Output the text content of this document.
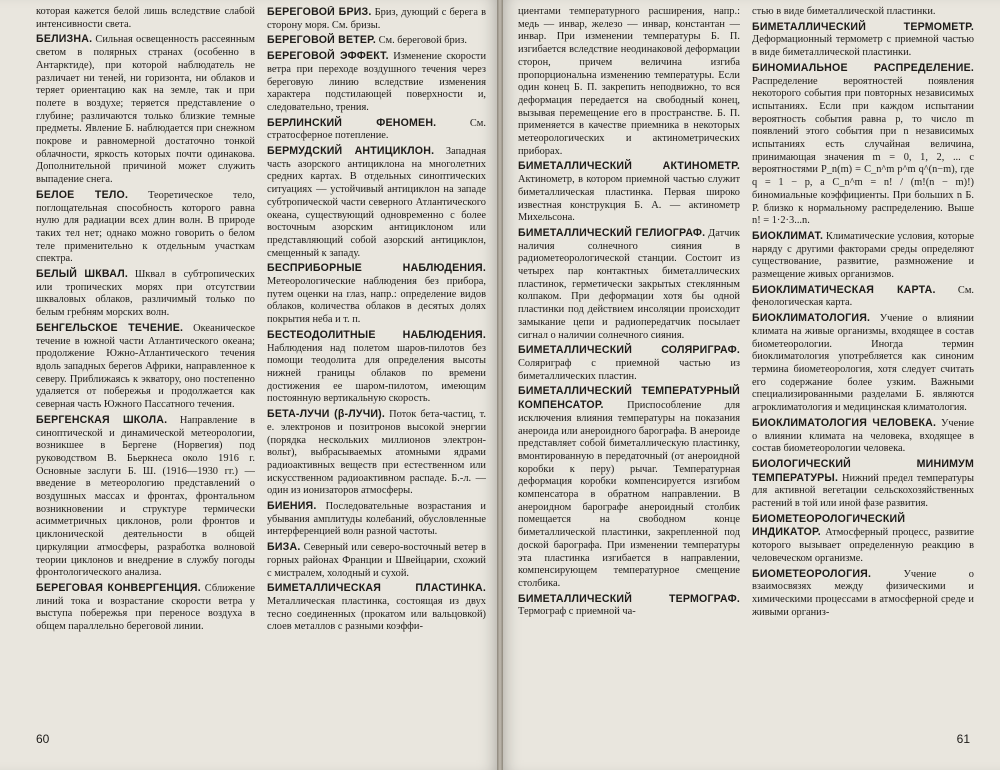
которая кажется белой лишь вследствие слабой интенсивности света.

БЕЛИЗНА. Сильная освещенность рассеянным светом в полярных странах (особенно в Антарктиде), при которой наблюдатель не различает ни теней, ни горизонта, ни облаков и теряет ориентацию как на земле, так и при полете в воздухе; теряется представление о глубине; различаются только близкие темные предметы. Явление Б. наблюдается при снежном покрове и равномерной достаточно тонкой облачности, яркость которых почти одинакова. Дополнительной причиной может служить выпадение снега.

БЕЛОЕ ТЕЛО. Теоретическое тело, поглощательная способность которого равна нулю для радиации всех длин волн. В природе таких тел нет; однако можно говорить о белом теле применительно к отдельным участкам спектра.

БЕЛЫЙ ШКВАЛ. Шквал в субтропических или тропических морях при отсутствии шкваловых облаков, различимый только по белым гребням морских волн.

БЕНГЕЛЬСКОЕ ТЕЧЕНИЕ. Океаническое течение в южной части Атлантического океана; продолжение Южно-Атлантического течения вдоль западных берегов Африки, направленное к северу. Приближаясь к экватору, оно постепенно удаляется от побережья и продолжается как северная часть Южного Пассатного течения.

БЕРГЕНСКАЯ ШКОЛА. Направление в синоптической и динамической метеорологии, возникшее в Бергене (Норвегия) под руководством В. Бьеркнеса около 1916 г. Основные заслуги Б. Ш. (1916—1930 гг.) — введение в метеорологию представлений о воздушных массах и фронтах, фронтальном возникновении и структуре термически асимметричных циклонов, роли фронтов и циклонической деятельности в общей циркуляции атмосферы, разработка волновой теории циклонов и внедрение в службу погоды фронтологического анализа.

БЕРЕГОВАЯ КОНВЕРГЕНЦИЯ. Сближение линий тока и возрастание скорости ветра у выступа побережья при переносе воздуха в общем параллельно береговой линии.

БЕРЕГОВОЙ БРИЗ. Бриз, дующий с берега в сторону моря. См. бризы.

БЕРЕГОВОЙ ВЕТЕР. См. береговой бриз.

БЕРЕГОВОЙ ЭФФЕКТ. Изменение скорости ветра при переходе воздушного течения через береговую линию вследствие изменения характера подстилающей поверхности и, следовательно, трения.

БЕРЛИНСКИЙ ФЕНОМЕН.	См. стратосферное потепление.

БЕРМУДСКИЙ АНТИЦИКЛОН. Западная часть азорского антициклона на многолетних средних картах. В отдельных синоптических ситуациях — устойчивый антициклон на западе субтропической части северного Атлантического океана, существующий одновременно с более восточным азорским антициклоном или представляющий собой азорский антициклон, смещенный к западу.

БЕСПРИБОРНЫЕ НАБЛЮДЕНИЯ. Метеорологические наблюдения без прибора, путем оценки на глаз, напр.: определение видов облаков, количества облаков в десятых долях покрытия неба и т. п.

БЕСТЕОДОЛИТНЫЕ НАБЛЮДЕНИЯ. Наблюдения над полетом шаров-пилотов без помощи теодолита для определения высоты нижней границы облаков по времени достижения ее шаром-пилотом, имеющим постоянную вертикальную скорость.

БЕТА-ЛУЧИ (β-ЛУЧИ). Поток бета-частиц, т. е. электронов и позитронов высокой энергии (порядка нескольких миллионов электрон-вольт), выбрасываемых атомными ядрами радиоактивных веществ при естественном или искусственном радиоактивном распаде. Б.-л. — один из ионизаторов атмосферы.

БИЕНИЯ. Последовательные возрастания и убывания амплитуды колебаний, обусловленные интерференцией волн разной частоты.

БИЗА. Северный или северо-восточный ветер в горных районах Франции и Швейцарии, схожий с мистралем, холодный и сухой.

БИМЕТАЛЛИЧЕСКАЯ ПЛАСТИНКА. Металлическая пластинка, состоящая из двух тесно соединенных (прокатом или вальцовкой) слоев металлов с разными коэффи-

60

циентами температурного расширения, напр.: медь — инвар, железо — инвар, константан — инвар. При изменении температуры Б. П. изгибается вследствие неодинаковой деформации сторон, причем величина изгиба пропорциональна изменению температуры. Если один конец Б. П. закрепить неподвижно, то вся деформация передается на свободный конец, вызывая перемещение его в пространстве. Б. П. применяется в качестве приемника в некоторых метеорологических и актинометрических приборах.

БИМЕТАЛЛИЧЕСКИЙ АКТИНОМЕТР. Актинометр, в котором приемной частью служит биметаллическая пластинка. Первая широко известная конструкция Б. А. — актинометр Михельсона.

БИМЕТАЛЛИЧЕСКИЙ ГЕЛИОГРАФ. Датчик наличия солнечного сияния в радиометеорологической станции. Состоит из четырех пар контактных биметаллических пластинок, герметически закрытых стеклянным колпаком. При деформации хотя бы одной пластинки под действием инсоляции происходит замыкание цепи и радиопередатчик посылает сигнал о наличии солнечного сияния.

БИМЕТАЛЛИЧЕСКИЙ СОЛЯРИГРАФ. Соляриграф с приемной частью из биметаллических пластин.

БИМЕТАЛЛИЧЕСКИЙ ТЕМПЕРАТУРНЫЙ КОМПЕНСАТОР. Приспособление для исключения влияния температуры на показания анероида или анероидного барографа. В анероиде представляет собой биметаллическую пластинку, вмонтированную в передаточный (от анероидной коробки к перу) рычаг. Температурная деформация коробки компенсируется изгибом компенсатора в обратном направлении. В анероидном барографе анероидный столбик помещается на свободном конце биметаллической пластинки, закрепленной под доской барографа. При изменении температуры эта пластинка изгибается в направлении, компенсирующем температурное смещение столбика.

БИМЕТАЛЛИЧЕСКИЙ ТЕРМОГРАФ. Термограф с приемной ча-

стью в виде биметаллической пластинки.

БИМЕТАЛЛИЧЕСКИЙ ТЕРМОМЕТР. Деформационный термометр с приемной частью в виде биметаллической пластинки.

БИНОМИАЛЬНОЕ РАСПРЕДЕЛЕНИЕ. Распределение вероятностей появления некоторого события при повторных независимых испытаниях. Если при каждом испытании вероятность события равна p, то число m появлений этого события при n независимых испытаниях есть случайная величина, принимающая значения m = 0, 1, 2, ... с вероятностями P_n(m) = C_n^m p^m q^(n−m), где q = 1 − p, а C_n^m = n! / (m!(n − m)!) биномиальные коэффициенты. При больших n Б. Р. близко к нормальному распределению. Выше n! = 1·2·3...n.

БИОКЛИМАТ. Климатические условия, которые наряду с другими факторами среды определяют существование, развитие, размножение и размещение живых организмов.

БИОКЛИМАТИЧЕСКАЯ КАРТА. См. фенологическая карта.

БИОКЛИМАТОЛОГИЯ. Учение о влиянии климата на живые организмы, входящее в состав биометеорологии. Иногда термин биоклиматология употребляется как синоним термина биометеорология, хотя следует считать его содержание более узким. Важными специализированными разделами Б. являются агроклиматология и медицинская климатология.

БИОКЛИМАТОЛОГИЯ ЧЕЛОВЕКА. Учение о влиянии климата на человека, входящее в состав биометеорологии человека.

БИОЛОГИЧЕСКИЙ МИНИМУМ ТЕМПЕРАТУРЫ. Нижний предел температуры для активной вегетации сельскохозяйственных растений в той или иной фазе развития.

БИОМЕТЕОРОЛОГИЧЕСКИЙ ИНДИКАТОР. Атмосферный процесс, развитие которого вызывает определенную реакцию в человеческом организме.

БИОМЕТЕОРОЛОГИЯ.	Учение о взаимосвязях между физическими и химическими процессами в атмосферной среде и живыми организ-

61
